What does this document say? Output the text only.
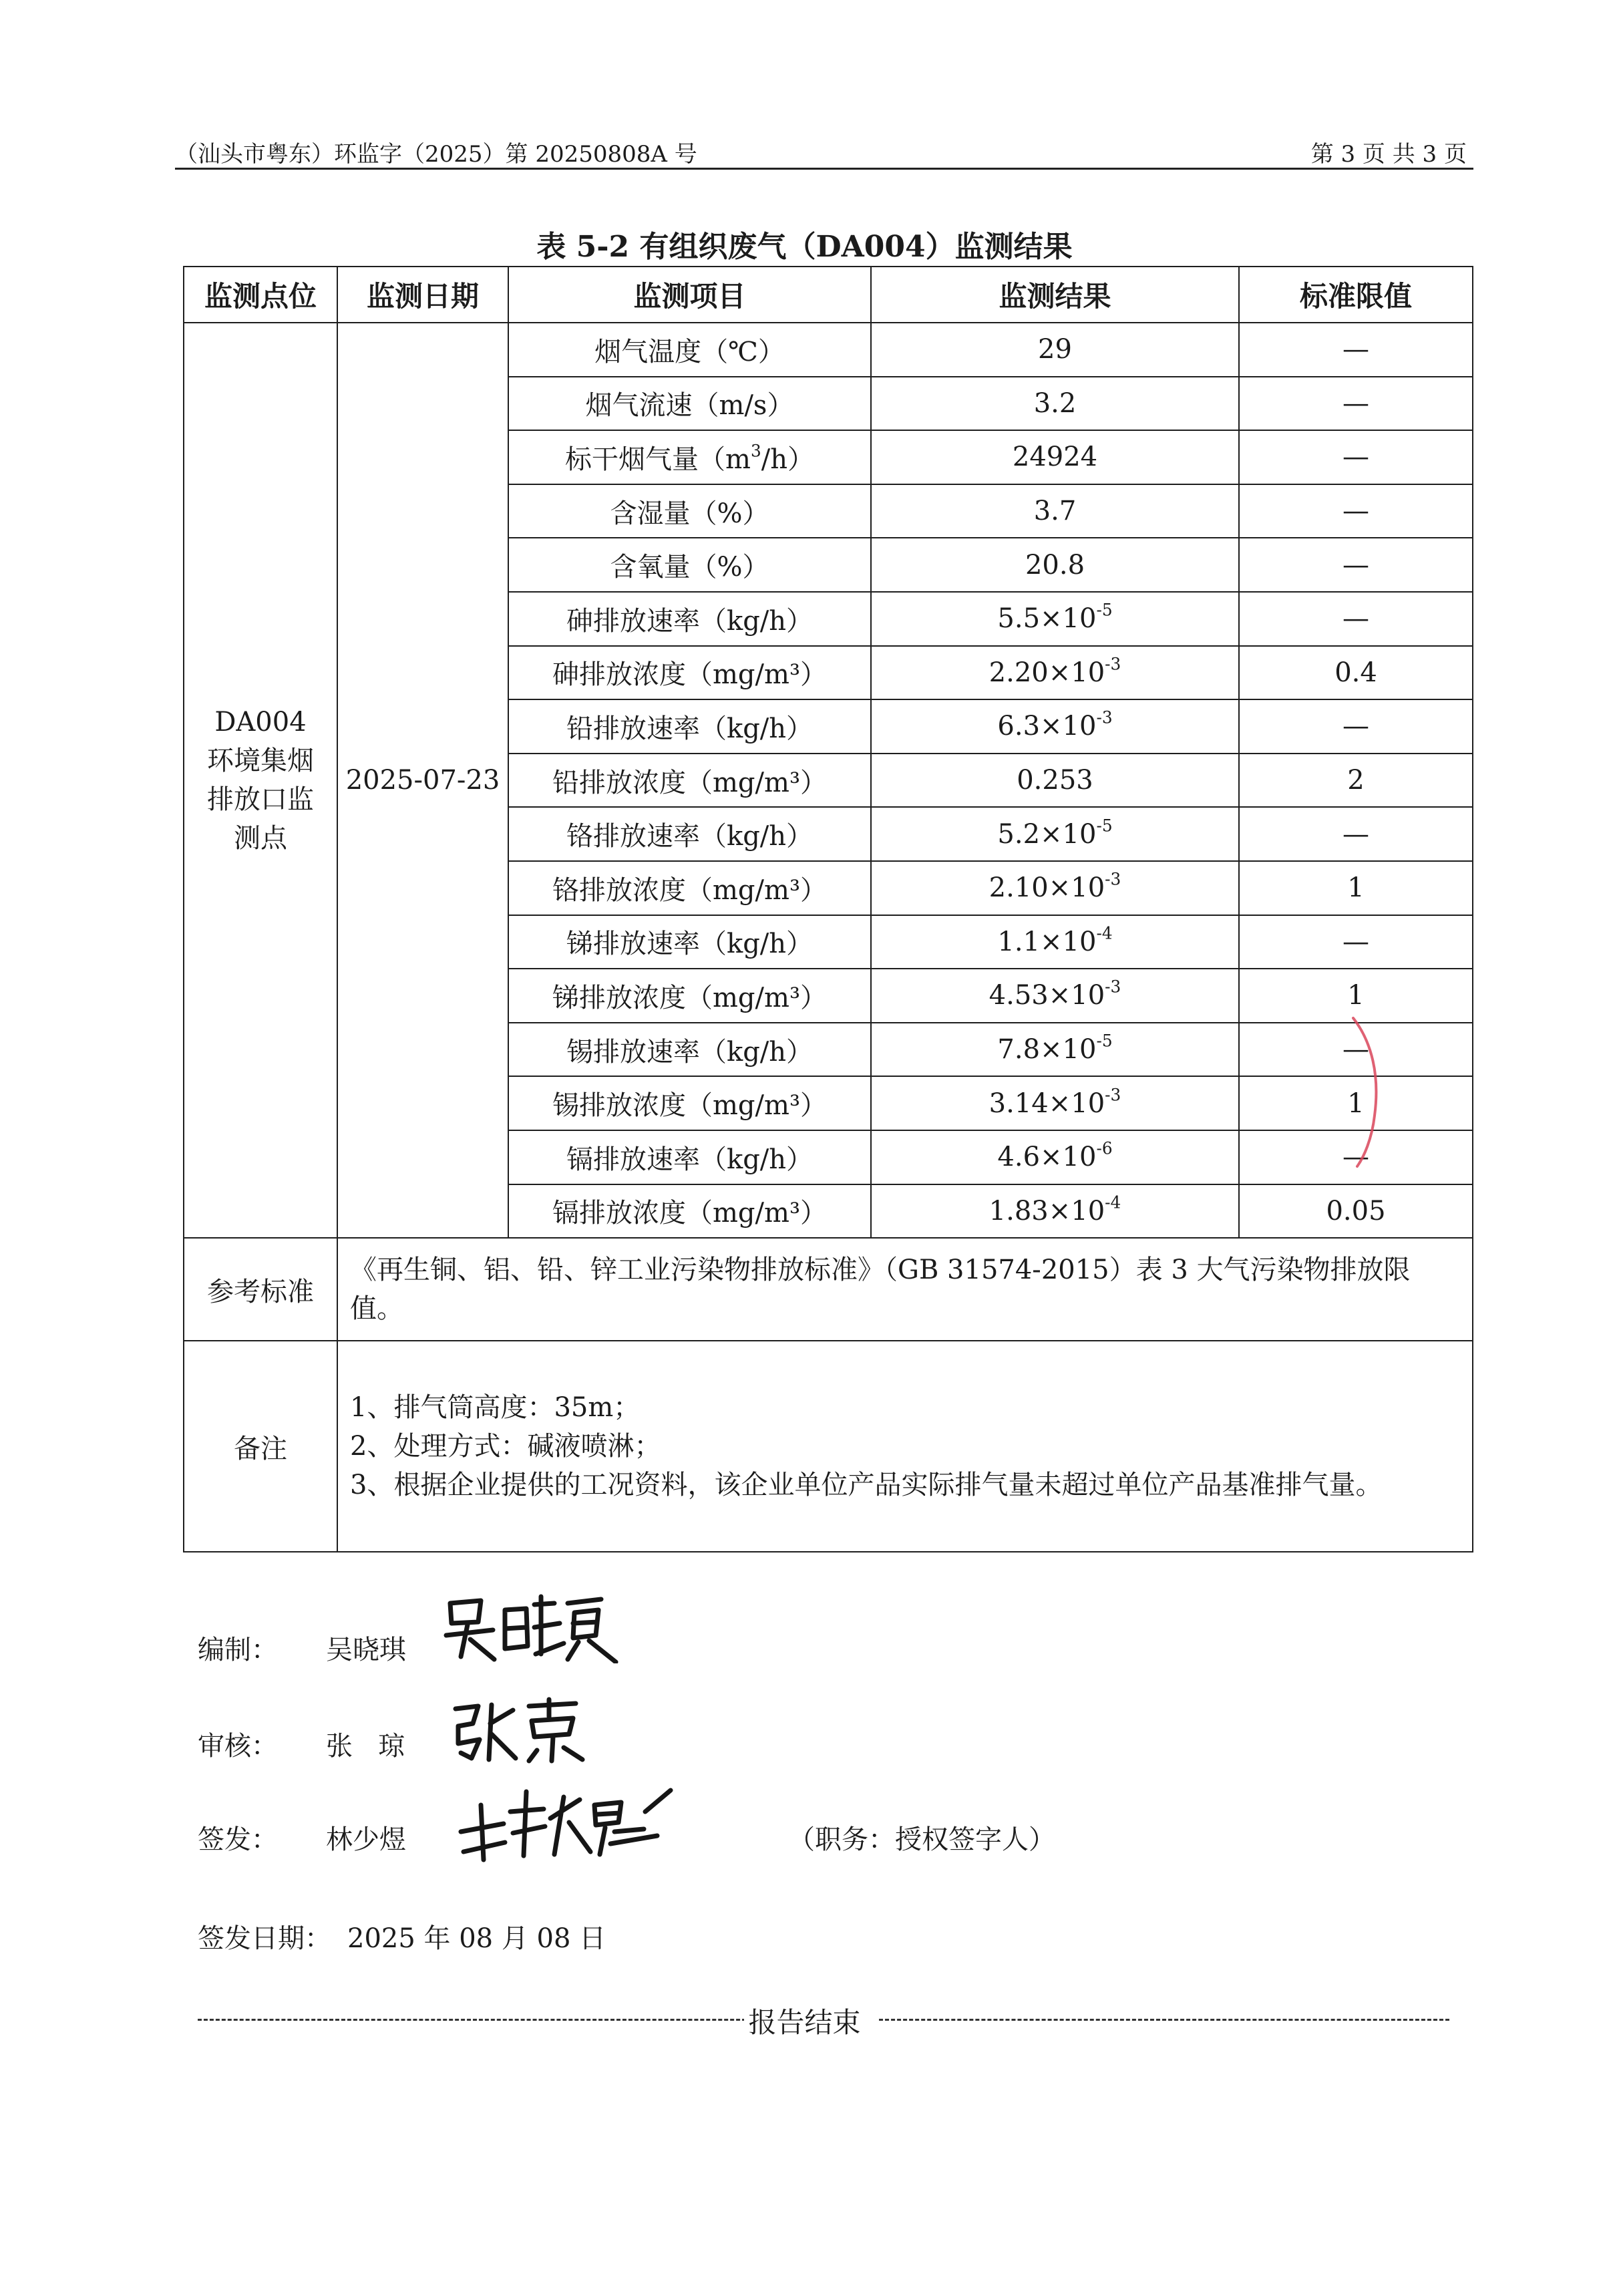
（汕头市粤东）环监字（2025）第 20250808A 号	第 3 页 共 3 页
表 5-2 有组织废气（DA004）监测结果
监测点位	监测日期	监测项目	监测结果	标准限值

DA004
环境集烟
排放口监
测点	2025-07-23	烟气温度（℃）	29	—
		烟气流速（m/s）	3.2	—
		标干烟气量$(m^3/h)$	24924	—
		含湿量（%）	3.7	—
		含氧量（%）	20.8	—
		砷排放速率（kg/h）	$5.5\times 10^{-5}$	—
		砷排放浓度（mg/m³）	$2.20\times 10^{-3}$	0.4
		铅排放速率（kg/h）	$6.3\times 10^{-3}$	—
		铅排放浓度（mg/m³）	0.253	2
		铬排放速率（kg/h）	$5.2\times 10^{-5}$	—
		铬排放浓度（mg/m³）	$2.10\times 10^{-3}$	1
		锑排放速率（kg/h）	$1.1\times 10^{-4}$	—
		锑排放浓度（mg/m³）	$4.53\times 10^{-3}$	1
		锡排放速率（kg/h）	$7.8\times 10^{-5}$	—
		锡排放浓度（mg/m³）	$3.14\times 10^{-3}$	1
		镉排放速率（kg/h）	$4.6\times 10^{-6}$	—
		镉排放浓度（mg/m³）	$1.83\times 10^{-4}$	0.05
参考标准	《再生铜、铝、铅、锌工业污染物排放标准》（GB 31574-2015）表 3 大气污染物排放限值。			
备注	1、排气筒高度：35m；
2、处理方式：碱液喷淋；
3、根据企业提供的工况资料，该企业单位产品实际排气量未超过单位产品基准排气量。			
编制： 吴晓琪
审核： 张   琼
签发： 林少煜	（职务：授权签字人）
签发日期： 2025 年 08 月 08 日
报告结束
